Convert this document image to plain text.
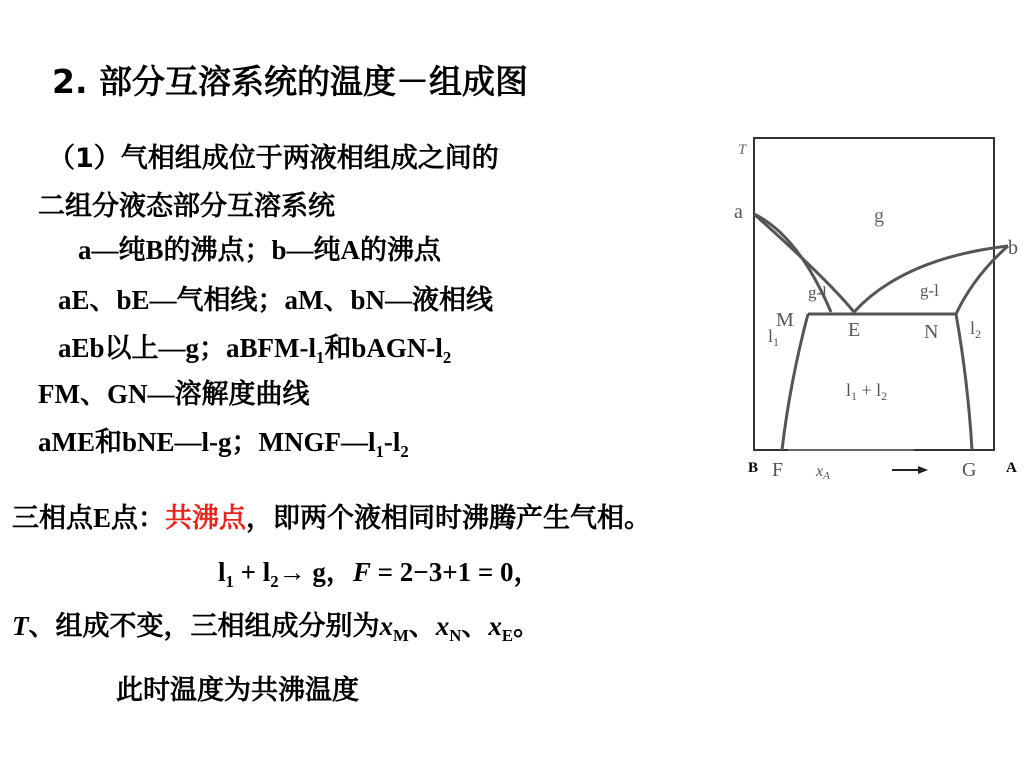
2. 部分互溶系统的温度－组成图
（1）气相组成位于两液相组成之间的
二组分液态部分互溶系统
a—纯B的沸点；b—纯A的沸点
aE、bE—气相线；aM、bN—液相线
aEb以上—g；aBFM-$l_1$和bAGN-$l_2$
FM、GN—溶解度曲线
aME和bNE—l-g；$MNGF—l_1-l_2$
三相点E点：共沸点，即两个液相同时沸腾产生气相。
$l_1 + l_2\to g$，F = 2−3+1 = 0，
T、组成不变，三相组成分别为$x_M$、$x_N$、$x_E$。
此时温度为共沸温度
T
a
b
g
g-l	g-l
M	E	N
$l_1$
$l_2$
$l_1 + l_2$
B F xA	G A
